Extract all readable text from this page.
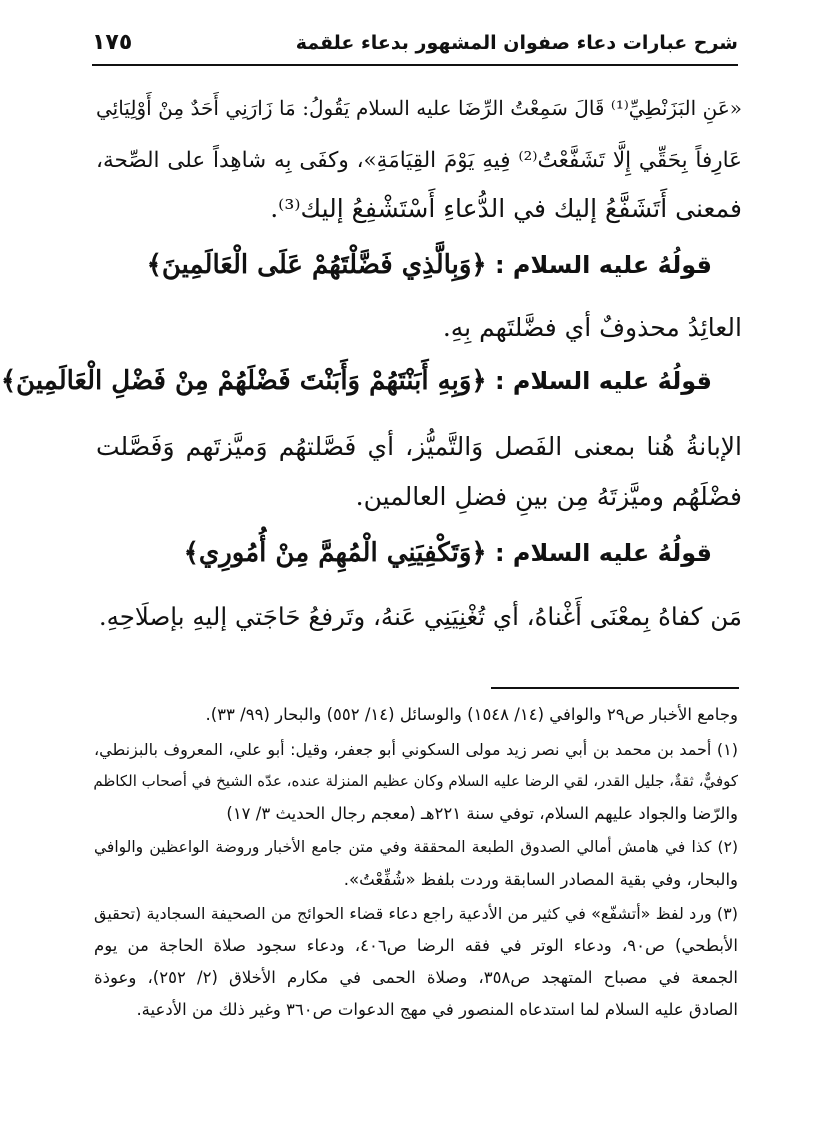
شرح عبارات دعاء صفوان المشهور بدعاء علقمة
١٧٥
«عَنِ البَزَنْطِيِّ⁽¹⁾ قَالَ سَمِعْتُ الرِّضَا عليه السلام يَقُولُ: مَا زَارَنِي أَحَدٌ مِنْ أَوْلِيَائِي
عَارِفاً بِحَقِّي إِلَّا تَشَفَّعْتُ⁽²⁾ فِيهِ يَوْمَ القِيَامَةِ»، وكفَى بِه شاهِداً على الصِّحة،
فمعنى أَتَشَفَّعُ إليك في الدُّعاءِ أَسْتَشْفِعُ إليك⁽³⁾.
قولُهُ عليه السلام : ﴿وَبِالَّذِي فَضَّلْتَهُمْ عَلَى الْعَالَمِينَ﴾
العائِدُ محذوفٌ أي فضَّلتَهم بِهِ.
قولُهُ عليه السلام : ﴿وَبِهِ أَبَنْتَهُمْ وَأَبَنْتَ فَضْلَهُمْ مِنْ فَضْلِ الْعَالَمِينَ﴾
الإبانةُ هُنا بمعنى الفَصل وَالتَّميُّز، أي فَصَّلتهُم وَميَّزتَهم وَفَصَّلت
فضْلَهُم وميَّزتَهُ مِن بينِ فضلِ العالمين.
قولُهُ عليه السلام : ﴿وَتَكْفِيَنِي الْمُهِمَّ مِنْ أُمُورِي﴾
مَن كفاهُ بِمعْنَى أَغْناهُ، أي تُغْنِيَنِي عَنهُ، وتَرفعُ حَاجَتي إليهِ بإصلَاحِهِ.
وجامع الأخبار ص٢٩ والوافي (١٤/ ١٥٤٨) والوسائل (١٤/ ٥٥٢) والبحار (٩٩/ ٣٣).
(١) أحمد بن محمد بن أبي نصر زيد مولى السكوني أبو جعفر، وقيل: أبو علي، المعروف بالبزنطي،
كوفيٌّ، ثقةٌ، جليل القدر، لقي الرضا عليه السلام وكان عظيم المنزلة عنده، عدّه الشيخ في أصحاب الكاظم
والرّضا والجواد عليهم السلام، توفي سنة ٢٢١هـ (معجم رجال الحديث ٣/ ١٧)
(٢) كذا في هامش أمالي الصدوق الطبعة المحققة وفي متن جامع الأخبار وروضة الواعظين والوافي
والبحار، وفي بقية المصادر السابقة وردت بلفظ «شُفِّعْتُ».
(٣) ورد لفظ «أتشفّع» في كثير من الأدعية راجع دعاء قضاء الحوائج من الصحيفة السجادية (تحقيق
الأبطحي) ص٩٠، ودعاء الوتر في فقه الرضا ص٤٠٦، ودعاء سجود صلاة الحاجة من يوم
الجمعة في مصباح المتهجد ص٣٥٨، وصلاة الحمى في مكارم الأخلاق (٢/ ٢٥٢)، وعوذة
الصادق عليه السلام لما استدعاه المنصور في مهج الدعوات ص٣٦٠ وغير ذلك من الأدعية.
